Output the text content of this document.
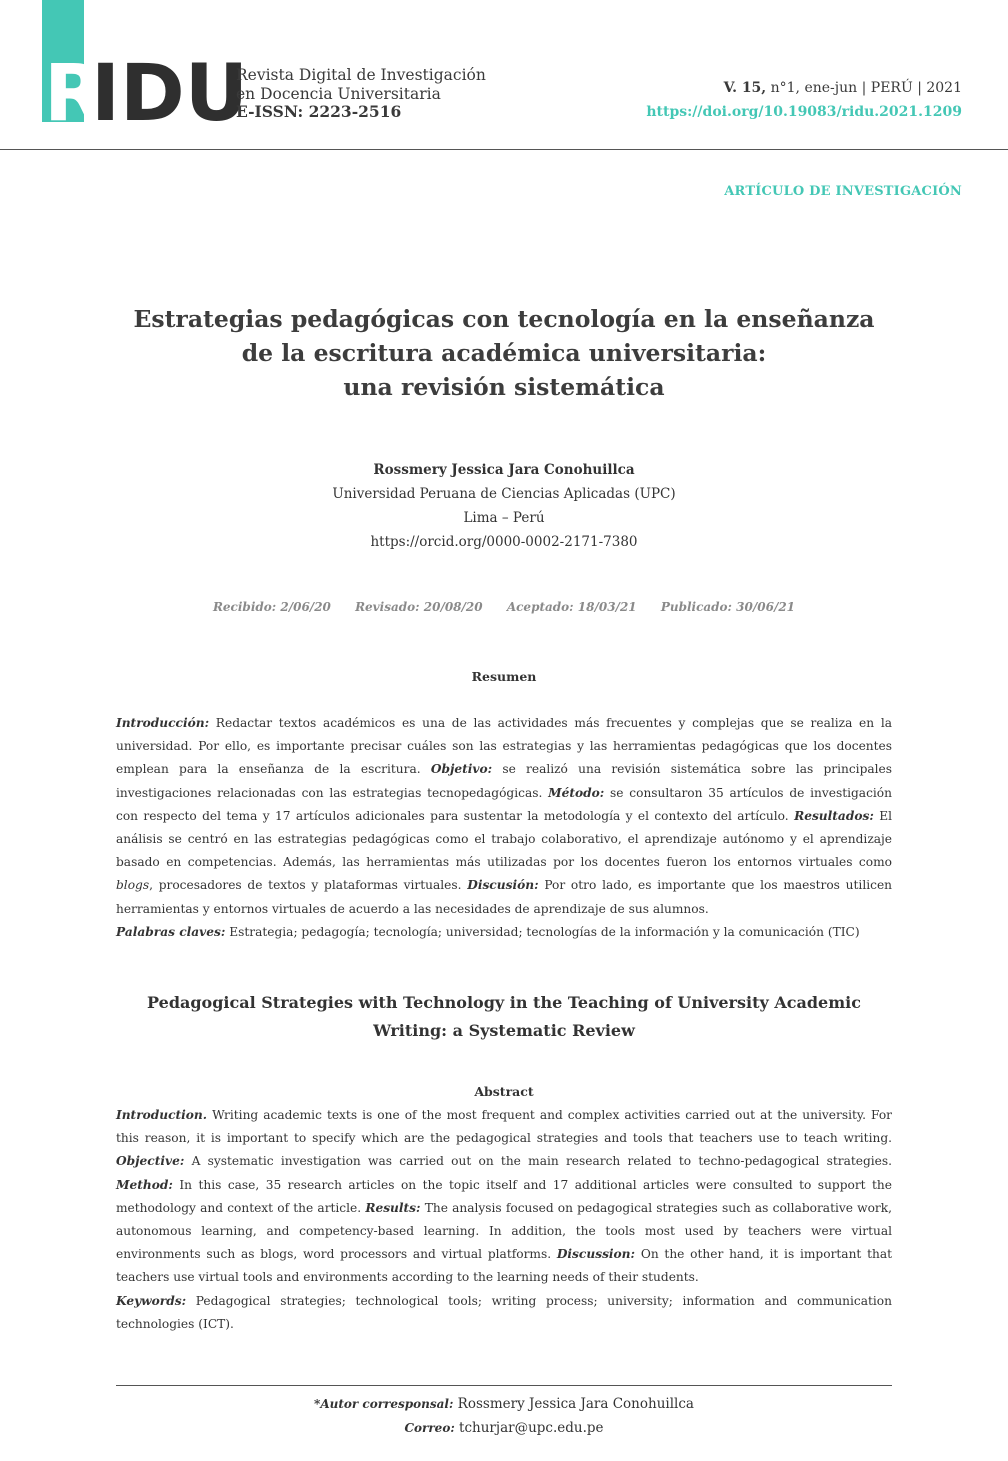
R
IDU
Revista Digital de Investigación
en Docencia Universitaria
E-ISSN: 2223-2516
V. 15, n°1, ene-jun | PERÚ | 2021
https://doi.org/10.19083/ridu.2021.1209
ARTÍCULO DE INVESTIGACIÓN
Estrategias pedagógicas con tecnología en la enseñanza
de la escritura académica universitaria:
una revisión sistemática
Rossmery Jessica Jara Conohuillca
Universidad Peruana de Ciencias Aplicadas (UPC)
Lima – Perú
https://orcid.org/0000-0002-2171-7380
Recibido: 2/06/20 Revisado: 20/08/20 Aceptado: 18/03/21 Publicado: 30/06/21
Resumen

Introducción: Redactar textos académicos es una de las actividades más frecuentes y complejas que se realiza en la universidad. Por ello, es importante precisar cuáles son las estrategias y las herramientas pedagógicas que los docentes emplean para la enseñanza de la escritura. Objetivo: se realizó una revisión sistemática sobre las principales investigaciones relacionadas con las estrategias tecnopedagógicas. Método: se consultaron 35 artículos de investigación con respecto del tema y 17 artículos adicionales para sustentar la metodología y el contexto del artículo. Resultados: El análisis se centró en las estrategias pedagógicas como el trabajo colaborativo, el aprendizaje autónomo y el aprendizaje basado en competencias. Además, las herramientas más utilizadas por los docentes fueron los entornos virtuales como blogs, procesadores de textos y plataformas virtuales. Discusión: Por otro lado, es importante que los maestros utilicen herramientas y entornos virtuales de acuerdo a las necesidades de aprendizaje de sus alumnos.

Palabras claves: Estrategia; pedagogía; tecnología; universidad; tecnologías de la información y la comunicación (TIC)

Pedagogical Strategies with Technology in the Teaching of University Academic
Writing: a Systematic Review
Abstract

Introduction. Writing academic texts is one of the most frequent and complex activities carried out at the university. For this reason, it is important to specify which are the pedagogical strategies and tools that teachers use to teach writing. Objective: A systematic investigation was carried out on the main research related to techno-pedagogical strategies. Method: In this case, 35 research articles on the topic itself and 17 additional articles were consulted to support the methodology and context of the article. Results: The analysis focused on pedagogical strategies such as collaborative work, autonomous learning, and competency-based learning. In addition, the tools most used by teachers were virtual environments such as blogs, word processors and virtual platforms. Discussion: On the other hand, it is important that teachers use virtual tools and environments according to the learning needs of their students.

Keywords: Pedagogical strategies; technological tools; writing process; university; information and communication technologies (ICT).

*Autor corresponsal: Rossmery Jessica Jara Conohuillca
Correo: tchurjar@upc.edu.pe
